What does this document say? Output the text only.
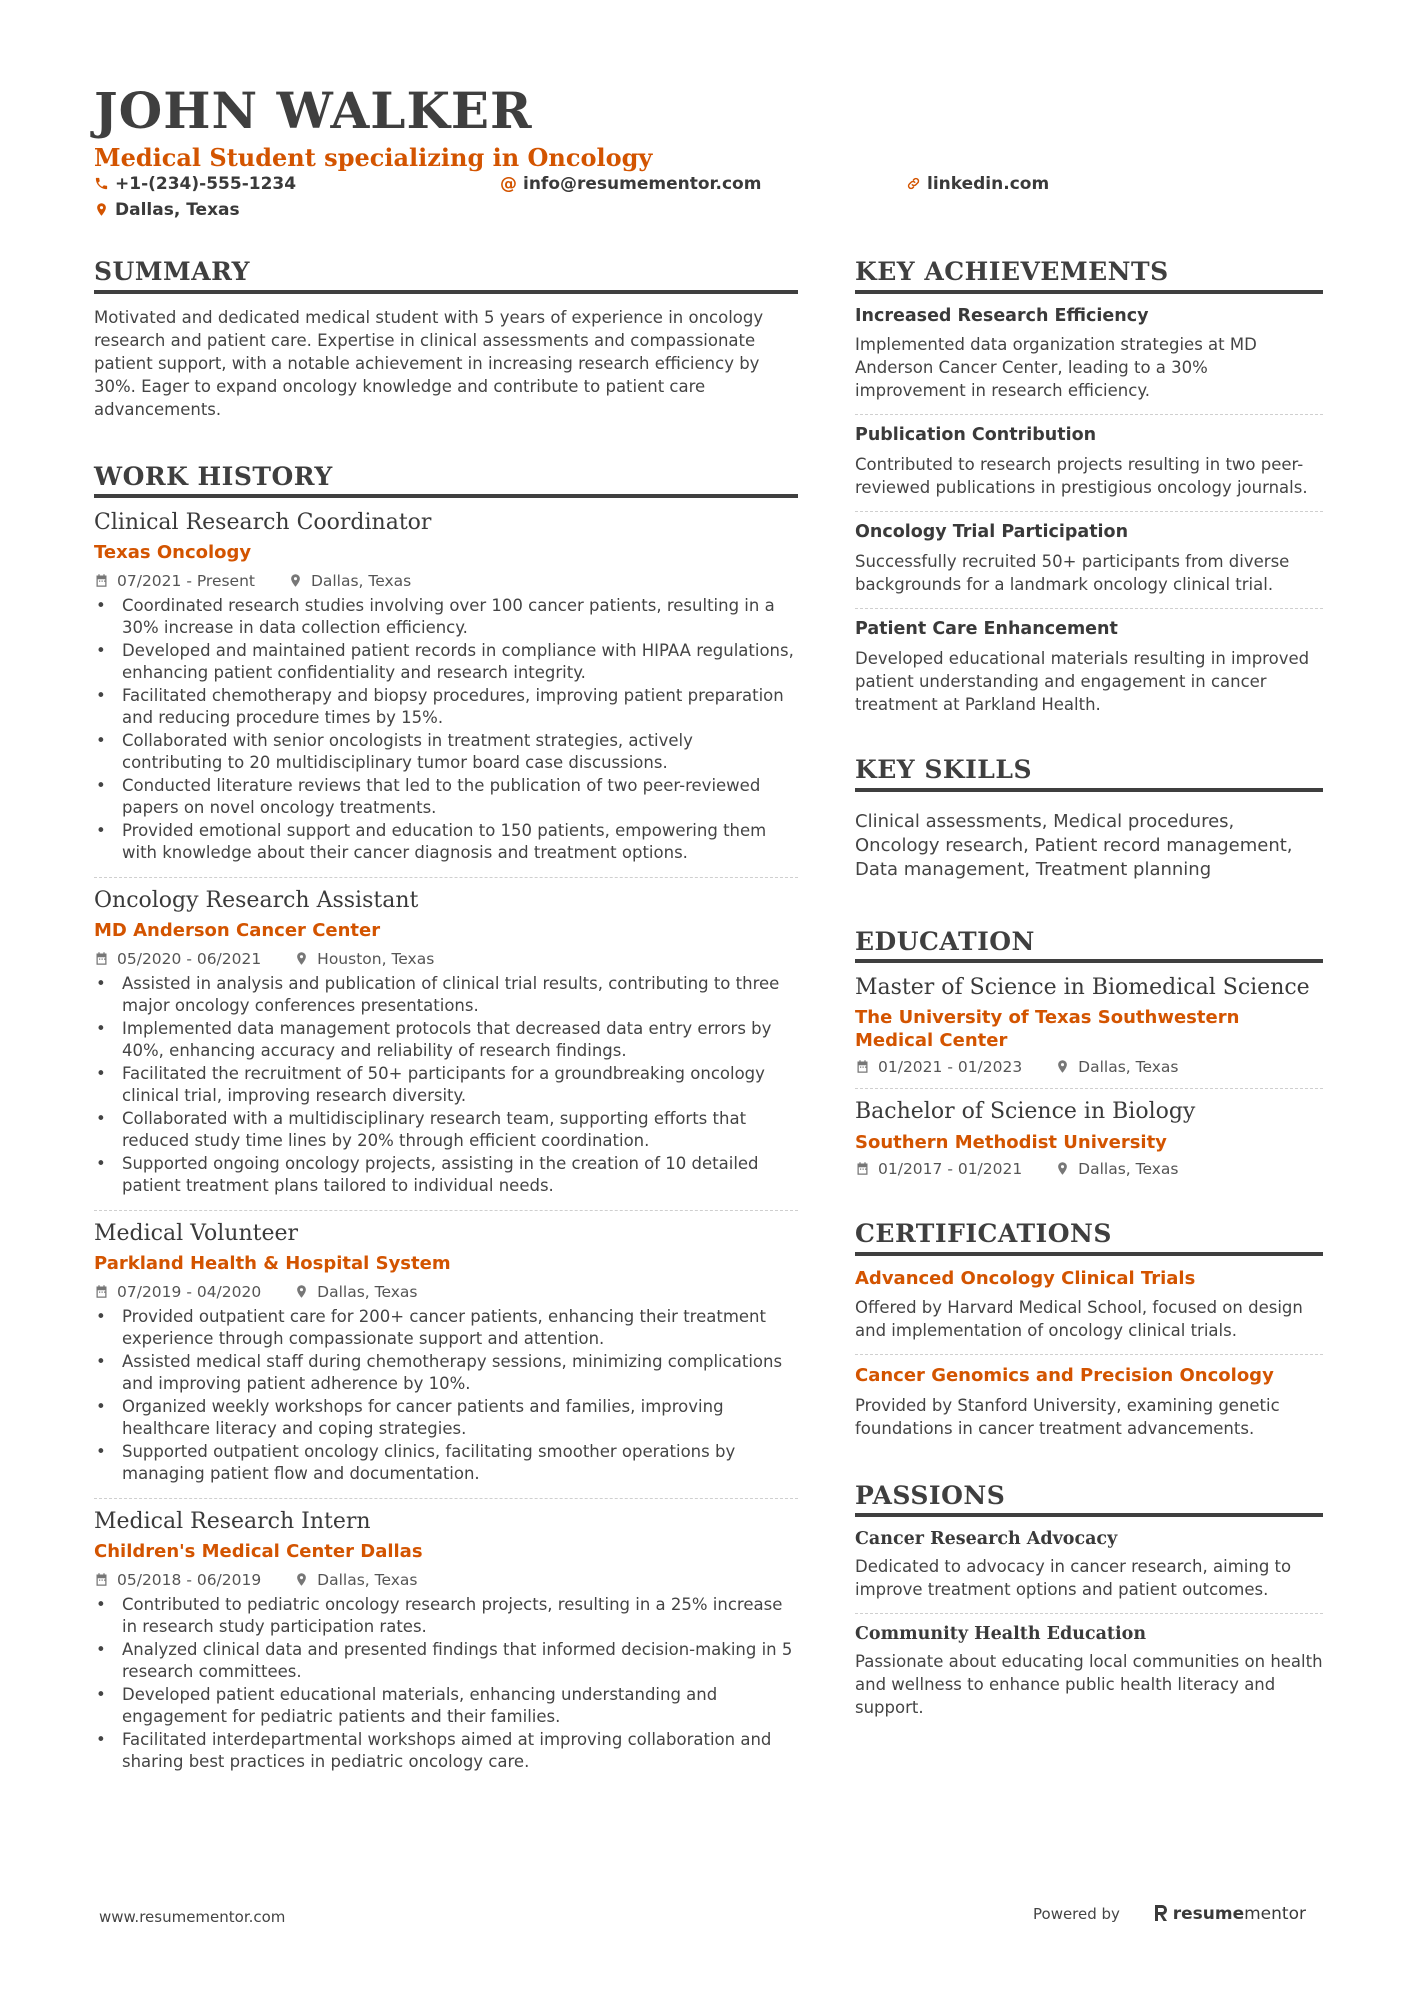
JOHN WALKER
Medical Student specializing in Oncology
+1-(234)-555-1234	@ info@resumementor.com	linkedin.com
Dallas, Texas
SUMMARY

Motivated and dedicated medical student with 5 years of experience in oncology research and patient care. Expertise in clinical assessments and compassionate patient support, with a notable achievement in increasing research efficiency by 30%. Eager to expand oncology knowledge and contribute to patient care advancements.

WORK HISTORY
Clinical Research Coordinator
Texas Oncology
07/2021 - Present	Dallas, Texas
• Coordinated research studies involving over 100 cancer patients, resulting in a 30% increase in data collection efficiency.
• Developed and maintained patient records in compliance with HIPAA regulations, enhancing patient confidentiality and research integrity.
• Facilitated chemotherapy and biopsy procedures, improving patient preparation and reducing procedure times by 15%.
• Collaborated with senior oncologists in treatment strategies, actively contributing to 20 multidisciplinary tumor board case discussions.
• Conducted literature reviews that led to the publication of two peer-reviewed papers on novel oncology treatments.
• Provided emotional support and education to 150 patients, empowering them with knowledge about their cancer diagnosis and treatment options.
Oncology Research Assistant
MD Anderson Cancer Center
05/2020 - 06/2021	Houston, Texas
• Assisted in analysis and publication of clinical trial results, contributing to three major oncology conferences presentations.
• Implemented data management protocols that decreased data entry errors by 40%, enhancing accuracy and reliability of research findings.
• Facilitated the recruitment of 50+ participants for a groundbreaking oncology clinical trial, improving research diversity.
• Collaborated with a multidisciplinary research team, supporting efforts that reduced study time lines by 20% through efficient coordination.
• Supported ongoing oncology projects, assisting in the creation of 10 detailed patient treatment plans tailored to individual needs.
Medical Volunteer
Parkland Health & Hospital System
07/2019 - 04/2020	Dallas, Texas
• Provided outpatient care for 200+ cancer patients, enhancing their treatment experience through compassionate support and attention.
• Assisted medical staff during chemotherapy sessions, minimizing complications and improving patient adherence by 10%.
• Organized weekly workshops for cancer patients and families, improving healthcare literacy and coping strategies.
• Supported outpatient oncology clinics, facilitating smoother operations by managing patient flow and documentation.
Medical Research Intern
Children's Medical Center Dallas
05/2018 - 06/2019	Dallas, Texas
• Contributed to pediatric oncology research projects, resulting in a 25% increase in research study participation rates.
• Analyzed clinical data and presented findings that informed decision-making in 5 research committees.
• Developed patient educational materials, enhancing understanding and engagement for pediatric patients and their families.
• Facilitated interdepartmental workshops aimed at improving collaboration and sharing best practices in pediatric oncology care.
KEY ACHIEVEMENTS
Increased Research Efficiency

Implemented data organization strategies at MD Anderson Cancer Center, leading to a 30% improvement in research efficiency.

Publication Contribution

Contributed to research projects resulting in two peer-reviewed publications in prestigious oncology journals.

Oncology Trial Participation

Successfully recruited 50+ participants from diverse backgrounds for a landmark oncology clinical trial.

Patient Care Enhancement

Developed educational materials resulting in improved patient understanding and engagement in cancer treatment at Parkland Health.

KEY SKILLS

Clinical assessments, Medical procedures, Oncology research, Patient record management, Data management, Treatment planning

EDUCATION
Master of Science in Biomedical Science
The University of Texas Southwestern Medical Center
01/2021 - 01/2023	Dallas, Texas
Bachelor of Science in Biology
Southern Methodist University
01/2017 - 01/2021	Dallas, Texas
CERTIFICATIONS
Advanced Oncology Clinical Trials

Offered by Harvard Medical School, focused on design and implementation of oncology clinical trials.

Cancer Genomics and Precision Oncology

Provided by Stanford University, examining genetic foundations in cancer treatment advancements.

PASSIONS
Cancer Research Advocacy

Dedicated to advocacy in cancer research, aiming to improve treatment options and patient outcomes.

Community Health Education

Passionate about educating local communities on health and wellness to enhance public health literacy and support.

www.resumementor.com	Powered by	resumementor
